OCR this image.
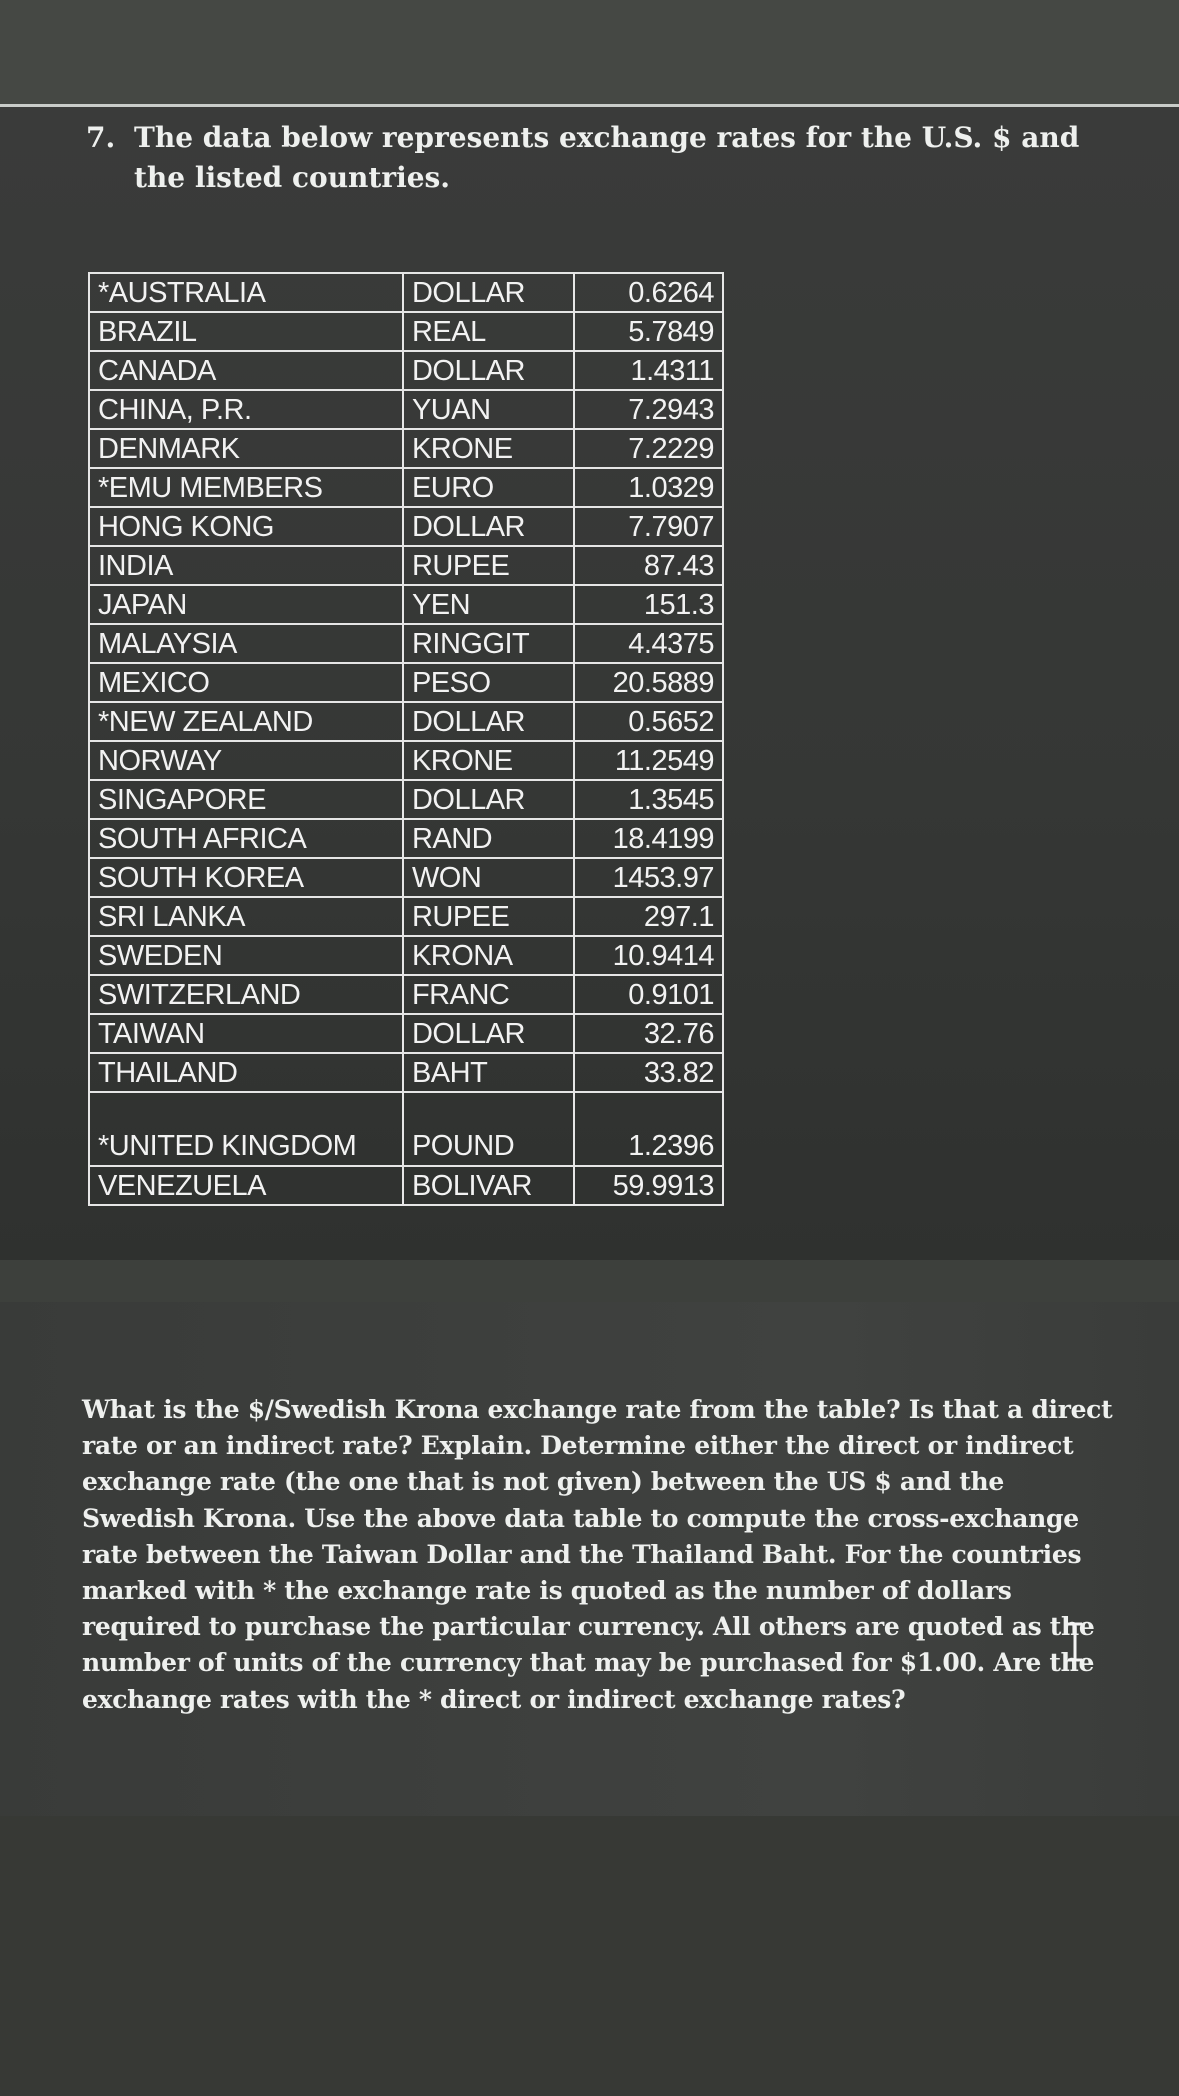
7. The data below represents exchange rates for the U.S. $ and the listed countries.
*AUSTRALIA	DOLLAR	0.6264
BRAZIL	REAL	5.7849
CANADA	DOLLAR	1.4311
CHINA, P.R.	YUAN	7.2943
DENMARK	KRONE	7.2229
*EMU MEMBERS	EURO	1.0329
HONG KONG	DOLLAR	7.7907
INDIA	RUPEE	87.43
JAPAN	YEN	151.3
MALAYSIA	RINGGIT	4.4375
MEXICO	PESO	20.5889
*NEW ZEALAND	DOLLAR	0.5652
NORWAY	KRONE	11.2549
SINGAPORE	DOLLAR	1.3545
SOUTH AFRICA	RAND	18.4199
SOUTH KOREA	WON	1453.97
SRI LANKA	RUPEE	297.1
SWEDEN	KRONA	10.9414
SWITZERLAND	FRANC	0.9101
TAIWAN	DOLLAR	32.76
THAILAND	BAHT	33.82
*UNITED KINGDOM	POUND	1.2396
VENEZUELA	BOLIVAR	59.9913
What is the $/Swedish Krona exchange rate from the table? Is that a direct rate or an indirect rate? Explain. Determine either the direct or indirect exchange rate (the one that is not given) between the US $ and the Swedish Krona. Use the above data table to compute the cross-exchange rate between the Taiwan Dollar and the Thailand Baht. For the countries marked with * the exchange rate is quoted as the number of dollars required to purchase the particular currency. All others are quoted as the number of units of the currency that may be purchased for $1.00. Are the exchange rates with the * direct or indirect exchange rates?
